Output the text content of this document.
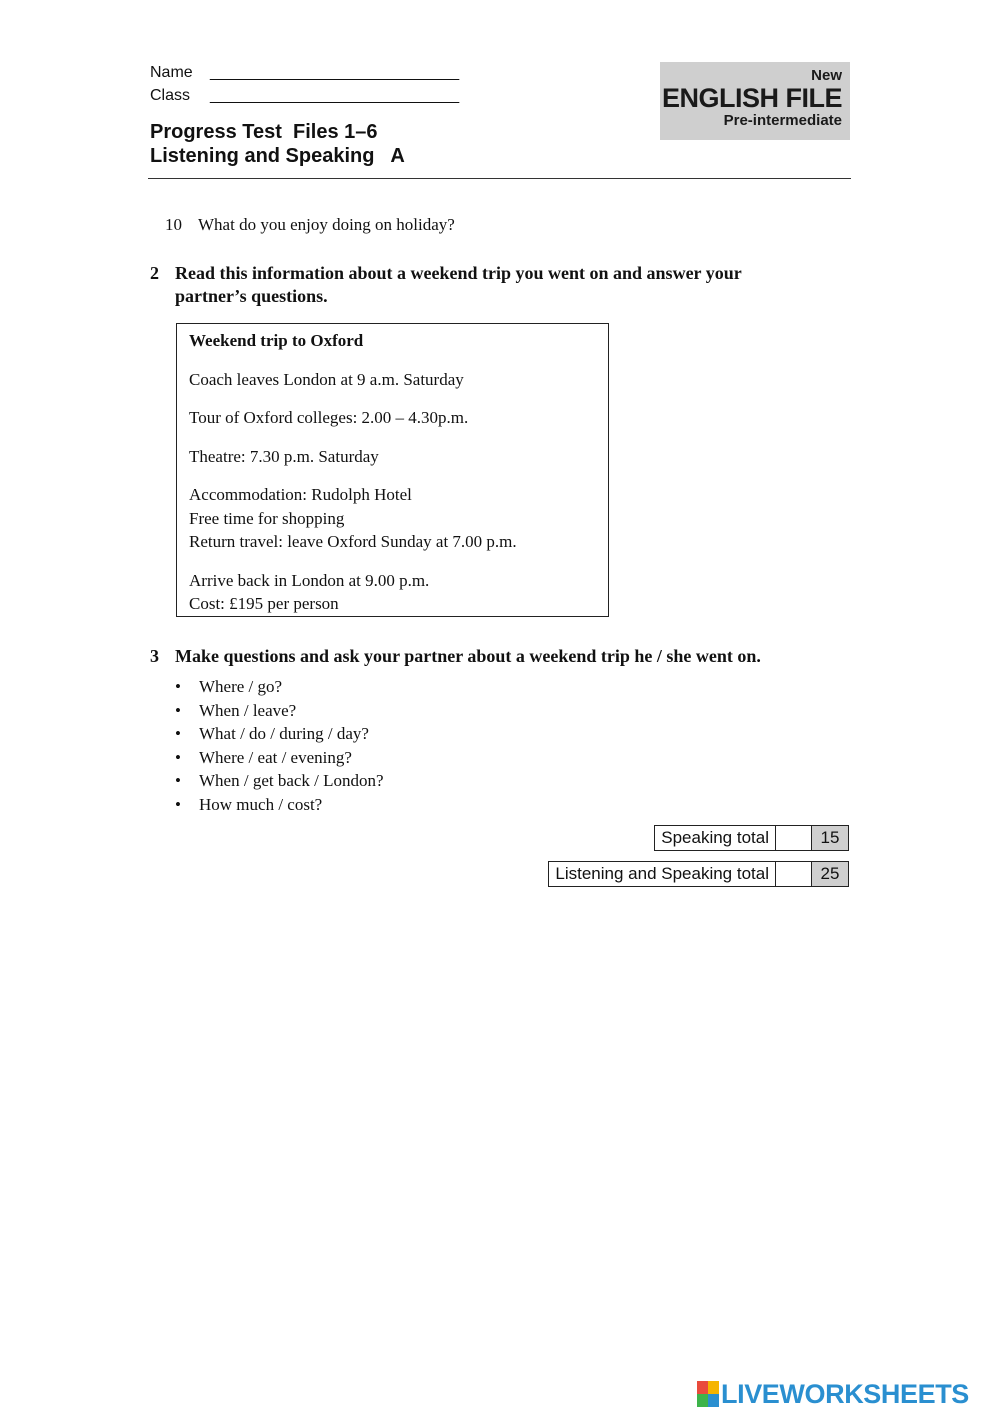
Name ____________________________
Class ____________________________
Progress Test  Files 1–6
Listening and Speaking   A
New
ENGLISH FILE
Pre-intermediate
10 What do you enjoy doing on holiday?
2 Read this information about a weekend trip you went on and answer your
partner’s questions.

Weekend trip to Oxford

Coach leaves London at 9 a.m. Saturday

Tour of Oxford colleges: 2.00 – 4.30p.m.

Theatre: 7.30 p.m. Saturday

Accommodation: Rudolph Hotel

Free time for shopping

Return travel: leave Oxford Sunday at 7.00 p.m.

Arrive back in London at 9.00 p.m.

Cost: £195 per person

3 Make questions and ask your partner about a weekend trip he / she went on.
• Where / go?
• When / leave?
• What / do / during / day?
• Where / eat / evening?
• When / get back / London?
• How much / cost?
Speaking total	15
Listening and Speaking total	25
LIVEWORKSHEETS
